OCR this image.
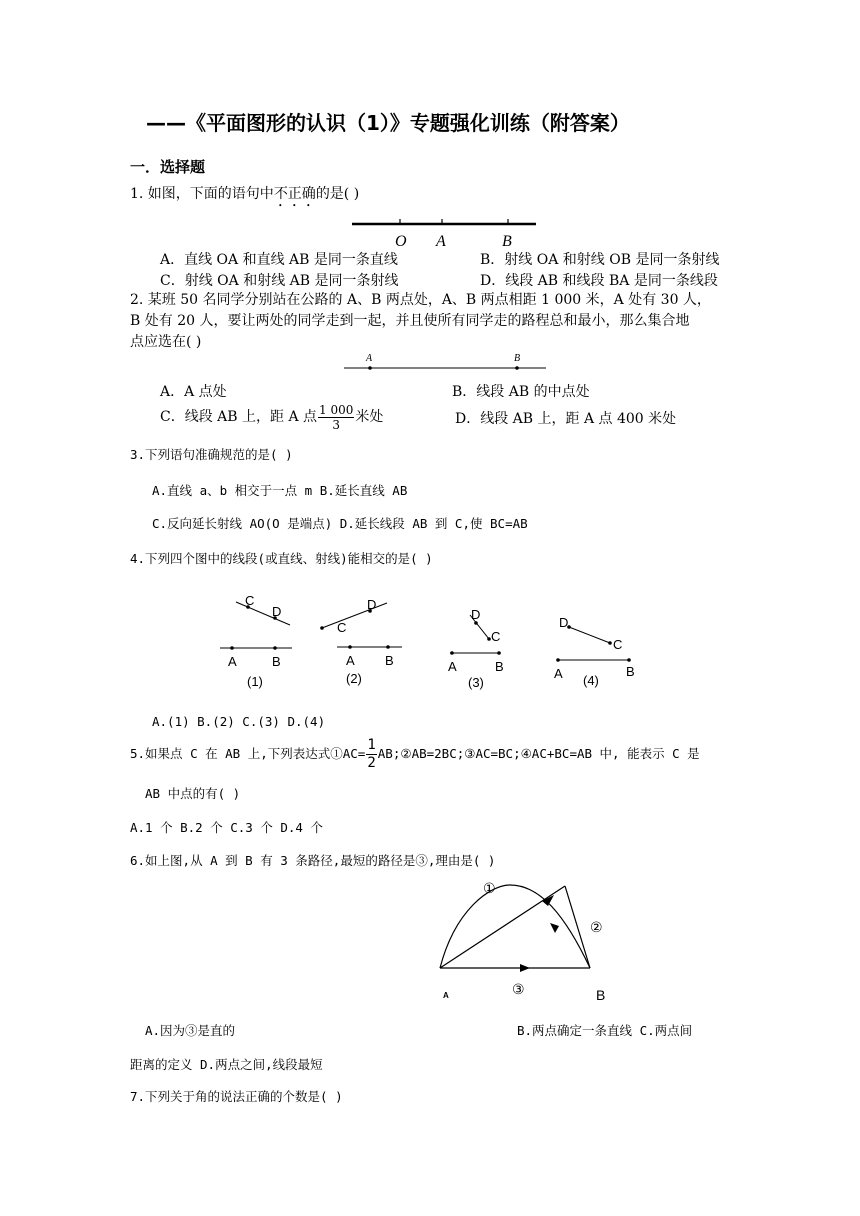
——《平面图形的认识（1）》专题强化训练（附答案）
一．选择题
1. 如图，下面的语句中不正确的是( )
O A	B
A．直线 OA 和直线 AB 是同一条直线	B．射线 OA 和射线 OB 是同一条射线
C．射线 OA 和射线 AB 是同一条射线	D．线段 AB 和线段 BA 是同一条线段
2. 某班 50 名同学分别站在公路的 A、B 两点处，A、B 两点相距 1 000 米，A 处有 30 人，
B 处有 20 人，要让两处的同学走到一起，并且使所有同学走的路程总和最小，那么集合地
点应选在( )
A	B
A．A 点处	B．线段 AB 的中点处
C．线段 AB 上，距 A 点 $\frac{1 000}{3}$ 米处	D．线段 AB 上，距 A 点 400 米处
3.下列语句准确规范的是( )
A.直线 a、b 相交于一点 m B.延长直线 AB
C.反向延长射线 AO(O 是端点) D.延长线段 AB 到 C,使 BC=AB
4.下列四个图中的线段(或直线、射线)能相交的是( )
C
D
A	B
(1)
C
D
A B
(2)
D
C
A	B
(3)
D
C
A	B
(4)
A.(1) B.(2) C.(3) D.(4)
5.如果点 C 在 AB 上,下列表达式①AC= $\frac{1}{2}$ AB;②AB=2BC;③AC=BC;④AC+BC=AB 中, 能表示 C 是
AB 中点的有( )
A.1 个 B.2 个 C.3 个 D.4 个
6.如上图,从 A 到 B 有 3 条路径,最短的路径是③,理由是( )
①
②
③
A	B
A.因为③是直的	B.两点确定一条直线 C.两点间
距离的定义 D.两点之间,线段最短
7.下列关于角的说法正确的个数是( )
